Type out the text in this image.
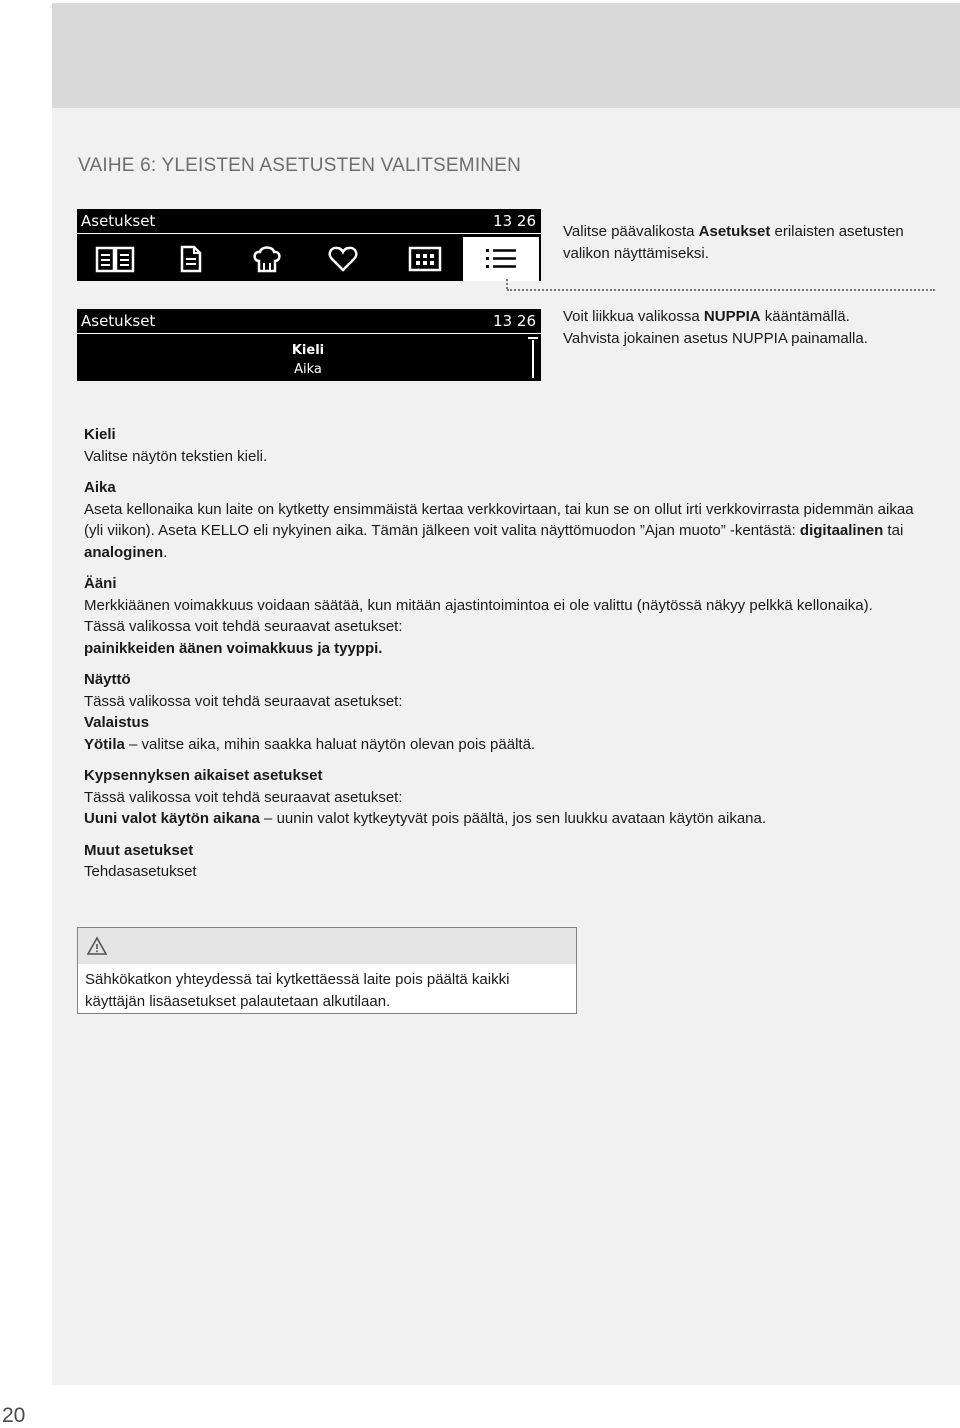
VAIHE 6: YLEISTEN ASETUSTEN VALITSEMINEN
Asetukset	13 26
Asetukset	13 26
Kieli
Aika
Valitse päävalikosta Asetukset erilaisten asetusten valikon näyttämiseksi.
Voit liikkua valikossa NUPPIA kääntämällä.
Vahvista jokainen asetus NUPPIA painamalla.

Kieli

Valitse näytön tekstien kieli.

Aika

Aseta kellonaika kun laite on kytketty ensimmäistä kertaa verkkovirtaan, tai kun se on ollut irti verkkovirrasta pidemmän aikaa (yli viikon). Aseta KELLO eli nykyinen aika. Tämän jälkeen voit valita näyttömuodon ”Ajan muoto” -kentästä: digitaalinen tai analoginen.

Ääni

Merkkiäänen voimakkuus voidaan säätää, kun mitään ajastintoimintoa ei ole valittu (näytössä näkyy pelkkä kellonaika).

Tässä valikossa voit tehdä seuraavat asetukset:

painikkeiden äänen voimakkuus ja tyyppi.

Näyttö

Tässä valikossa voit tehdä seuraavat asetukset:

Valaistus

Yötila – valitse aika, mihin saakka haluat näytön olevan pois päältä.

Kypsennyksen aikaiset asetukset

Tässä valikossa voit tehdä seuraavat asetukset:

Uuni valot käytön aikana – uunin valot kytkeytyvät pois päältä, jos sen luukku avataan käytön aikana.

Muut asetukset

Tehdasasetukset

Sähkökatkon yhteydessä tai kytkettäessä laite pois päältä kaikki käyttäjän lisäasetukset palautetaan alkutilaan.
20
